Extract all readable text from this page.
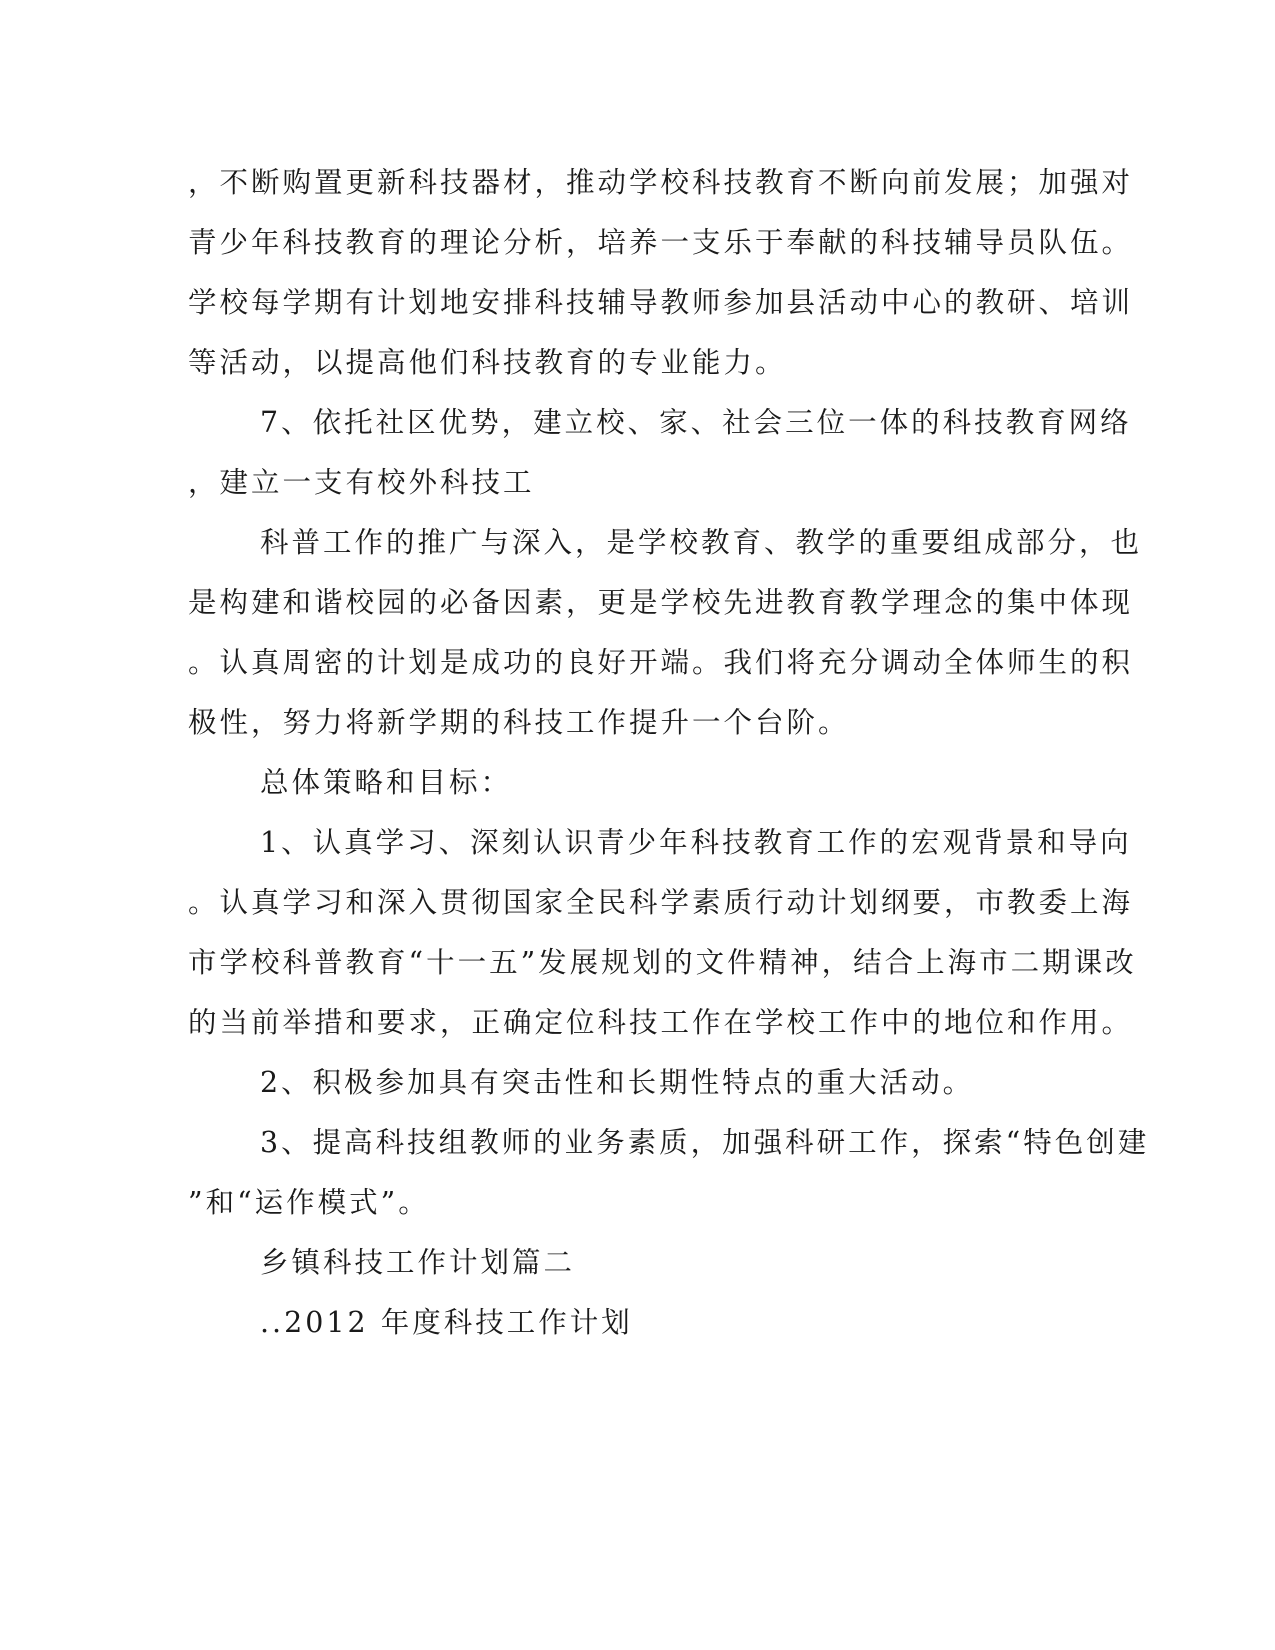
，不断购置更新科技器材，推动学校科技教育不断向前发展；加强对
青少年科技教育的理论分析，培养一支乐于奉献的科技辅导员队伍。
学校每学期有计划地安排科技辅导教师参加县活动中心的教研、培训
等活动，以提高他们科技教育的专业能力。
7、依托社区优势，建立校、家、社会三位一体的科技教育网络
，建立一支有校外科技工
科普工作的推广与深入，是学校教育、教学的重要组成部分，也
是构建和谐校园的必备因素，更是学校先进教育教学理念的集中体现
。认真周密的计划是成功的良好开端。我们将充分调动全体师生的积
极性，努力将新学期的科技工作提升一个台阶。
总体策略和目标：
1、认真学习、深刻认识青少年科技教育工作的宏观背景和导向
。认真学习和深入贯彻国家全民科学素质行动计划纲要，市教委上海
市学校科普教育“十一五”发展规划的文件精神，结合上海市二期课改
的当前举措和要求，正确定位科技工作在学校工作中的地位和作用。
2、积极参加具有突击性和长期性特点的重大活动。
3、提高科技组教师的业务素质，加强科研工作，探索“特色创建
”和“运作模式”。
乡镇科技工作计划篇二
..2012 年度科技工作计划
